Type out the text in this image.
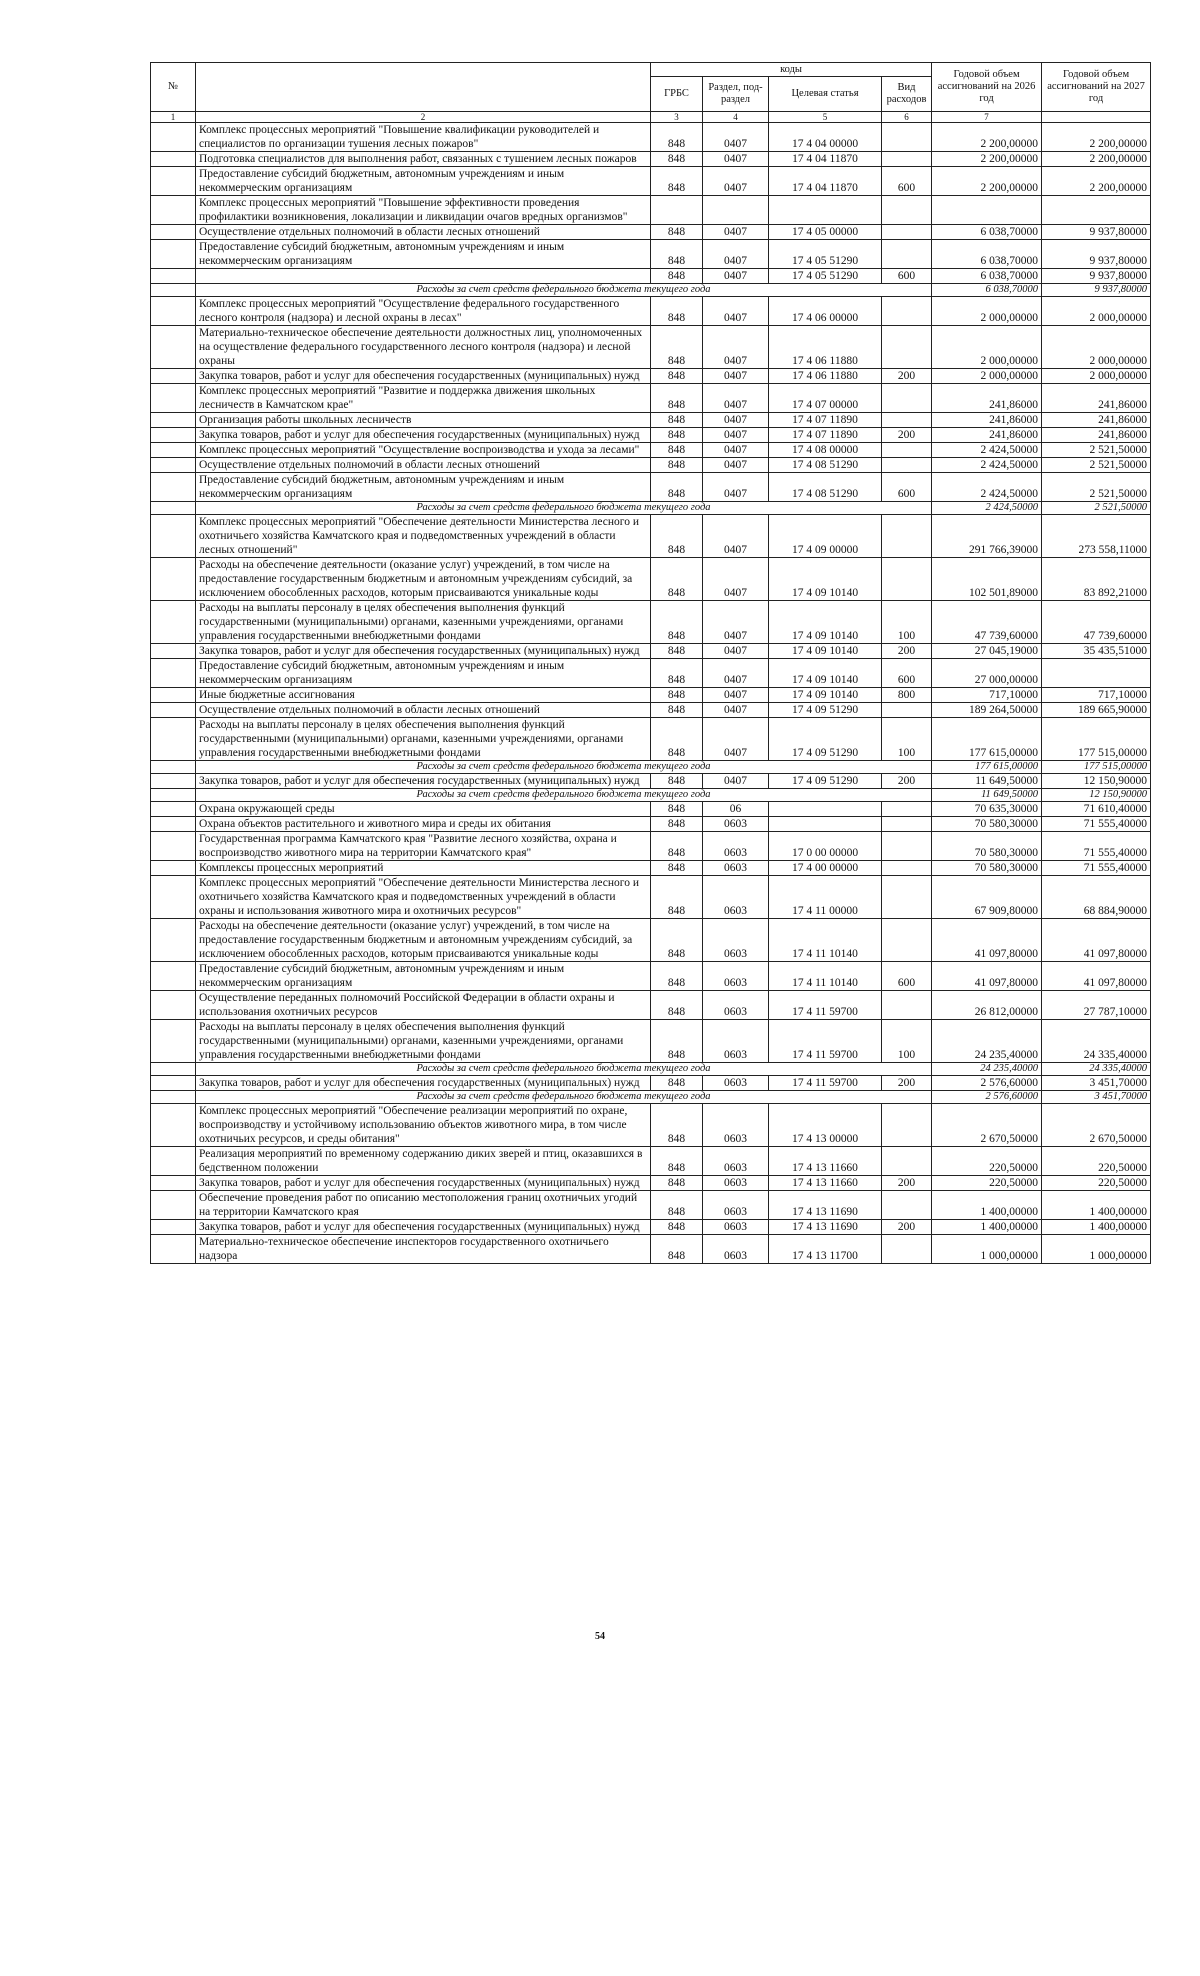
№		коды				Годовой объем ассигнований на 2026 год	Годовой объем ассигнований на 2027 год
		ГРБС	Раздел, под-раздел	Целевая статья	Вид расходов		
1	2	3	4	5	6	7	
	Комплекс процессных мероприятий "Повышение квалификации руководителей и специалистов по организации тушения лесных пожаров"	848	0407	17 4 04 00000		2 200,00000	2 200,00000
	Подготовка специалистов для выполнения работ, связанных с тушением лесных пожаров	848	0407	17 4 04 11870		2 200,00000	2 200,00000
	Предоставление субсидий бюджетным, автономным учреждениям и иным некоммерческим организациям	848	0407	17 4 04 11870	600	2 200,00000	2 200,00000
	Комплекс процессных мероприятий "Повышение эффективности проведения профилактики возникновения, локализации и ликвидации очагов вредных организмов"						
	Осуществление отдельных полномочий в области лесных отношений	848	0407	17 4 05 00000		6 038,70000	9 937,80000
	Предоставление субсидий бюджетным, автономным учреждениям и иным некоммерческим организациям	848	0407	17 4 05 51290		6 038,70000	9 937,80000
		848	0407	17 4 05 51290	600	6 038,70000	9 937,80000
	Расходы за счет средств федерального бюджета текущего года					6 038,70000	9 937,80000
	Комплекс процессных мероприятий "Осуществление федерального государственного лесного контроля (надзора) и лесной охраны в лесах"	848	0407	17 4 06 00000		2 000,00000	2 000,00000
	Материально-техническое обеспечение деятельности должностных лиц, уполномоченных на осуществление федерального государственного лесного контроля (надзора) и лесной охраны	848	0407	17 4 06 11880		2 000,00000	2 000,00000
	Закупка товаров, работ и услуг для обеспечения государственных (муниципальных) нужд	848	0407	17 4 06 11880	200	2 000,00000	2 000,00000
	Комплекс процессных мероприятий "Развитие и поддержка движения школьных лесничеств в Камчатском крае"	848	0407	17 4 07 00000		241,86000	241,86000
	Организация работы школьных лесничеств	848	0407	17 4 07 11890		241,86000	241,86000
	Закупка товаров, работ и услуг для обеспечения государственных (муниципальных) нужд	848	0407	17 4 07 11890	200	241,86000	241,86000
	Комплекс процессных мероприятий "Осуществление воспроизводства и ухода за лесами"	848	0407	17 4 08 00000		2 424,50000	2 521,50000
	Осуществление отдельных полномочий в области лесных отношений	848	0407	17 4 08 51290		2 424,50000	2 521,50000
	Предоставление субсидий бюджетным, автономным учреждениям и иным некоммерческим организациям	848	0407	17 4 08 51290	600	2 424,50000	2 521,50000
	Расходы за счет средств федерального бюджета текущего года					2 424,50000	2 521,50000
	Комплекс процессных мероприятий "Обеспечение деятельности Министерства лесного и охотничьего хозяйства Камчатского края и подведомственных учреждений в области лесных отношений"	848	0407	17 4 09 00000		291 766,39000	273 558,11000
	Расходы на обеспечение деятельности (оказание услуг) учреждений, в том числе на предоставление государственным бюджетным и автономным учреждениям субсидий, за исключением обособленных расходов, которым присваиваются уникальные коды	848	0407	17 4 09 10140		102 501,89000	83 892,21000
	Расходы на выплаты персоналу в целях обеспечения выполнения функций государственными (муниципальными) органами, казенными учреждениями, органами управления государственными внебюджетными фондами	848	0407	17 4 09 10140	100	47 739,60000	47 739,60000
	Закупка товаров, работ и услуг для обеспечения государственных (муниципальных) нужд	848	0407	17 4 09 10140	200	27 045,19000	35 435,51000
	Предоставление субсидий бюджетным, автономным учреждениям и иным некоммерческим организациям	848	0407	17 4 09 10140	600	27 000,00000	
	Иные бюджетные ассигнования	848	0407	17 4 09 10140	800	717,10000	717,10000
	Осуществление отдельных полномочий в области лесных отношений	848	0407	17 4 09 51290		189 264,50000	189 665,90000
	Расходы на выплаты персоналу в целях обеспечения выполнения функций государственными (муниципальными) органами, казенными учреждениями, органами управления государственными внебюджетными фондами	848	0407	17 4 09 51290	100	177 615,00000	177 515,00000
	Расходы за счет средств федерального бюджета текущего года					177 615,00000	177 515,00000
	Закупка товаров, работ и услуг для обеспечения государственных (муниципальных) нужд	848	0407	17 4 09 51290	200	11 649,50000	12 150,90000
	Расходы за счет средств федерального бюджета текущего года					11 649,50000	12 150,90000
	Охрана окружающей среды	848	06			70 635,30000	71 610,40000
	Охрана объектов растительного и животного мира и среды их обитания	848	0603			70 580,30000	71 555,40000
	Государственная программа Камчатского края "Развитие лесного хозяйства, охрана и воспроизводство животного мира на территории Камчатского края"	848	0603	17 0 00 00000		70 580,30000	71 555,40000
	Комплексы процессных мероприятий	848	0603	17 4 00 00000		70 580,30000	71 555,40000
	Комплекс процессных мероприятий "Обеспечение деятельности Министерства лесного и охотничьего хозяйства Камчатского края и подведомственных учреждений в области охраны и использования животного мира и охотничьих ресурсов"	848	0603	17 4 11 00000		67 909,80000	68 884,90000
	Расходы на обеспечение деятельности (оказание услуг) учреждений, в том числе на предоставление государственным бюджетным и автономным учреждениям субсидий, за исключением обособленных расходов, которым присваиваются уникальные коды	848	0603	17 4 11 10140		41 097,80000	41 097,80000
	Предоставление субсидий бюджетным, автономным учреждениям и иным некоммерческим организациям	848	0603	17 4 11 10140	600	41 097,80000	41 097,80000
	Осуществление переданных полномочий Российской Федерации в области охраны и использования охотничьих ресурсов	848	0603	17 4 11 59700		26 812,00000	27 787,10000
	Расходы на выплаты персоналу в целях обеспечения выполнения функций государственными (муниципальными) органами, казенными учреждениями, органами управления государственными внебюджетными фондами	848	0603	17 4 11 59700	100	24 235,40000	24 335,40000
	Расходы за счет средств федерального бюджета текущего года					24 235,40000	24 335,40000
	Закупка товаров, работ и услуг для обеспечения государственных (муниципальных) нужд	848	0603	17 4 11 59700	200	2 576,60000	3 451,70000
	Расходы за счет средств федерального бюджета текущего года					2 576,60000	3 451,70000
	Комплекс процессных мероприятий "Обеспечение реализации мероприятий по охране, воспроизводству и устойчивому использованию объектов животного мира, в том числе охотничьих ресурсов, и среды обитания"	848	0603	17 4 13 00000		2 670,50000	2 670,50000
	Реализация мероприятий по временному содержанию диких зверей и птиц, оказавшихся в бедственном положении	848	0603	17 4 13 11660		220,50000	220,50000
	Закупка товаров, работ и услуг для обеспечения государственных (муниципальных) нужд	848	0603	17 4 13 11660	200	220,50000	220,50000
	Обеспечение проведения работ по описанию местоположения границ охотничьих угодий на территории Камчатского края	848	0603	17 4 13 11690		1 400,00000	1 400,00000
	Закупка товаров, работ и услуг для обеспечения государственных (муниципальных) нужд	848	0603	17 4 13 11690	200	1 400,00000	1 400,00000
	Материально-техническое обеспечение инспекторов государственного охотничьего надзора	848	0603	17 4 13 11700		1 000,00000	1 000,00000
54
